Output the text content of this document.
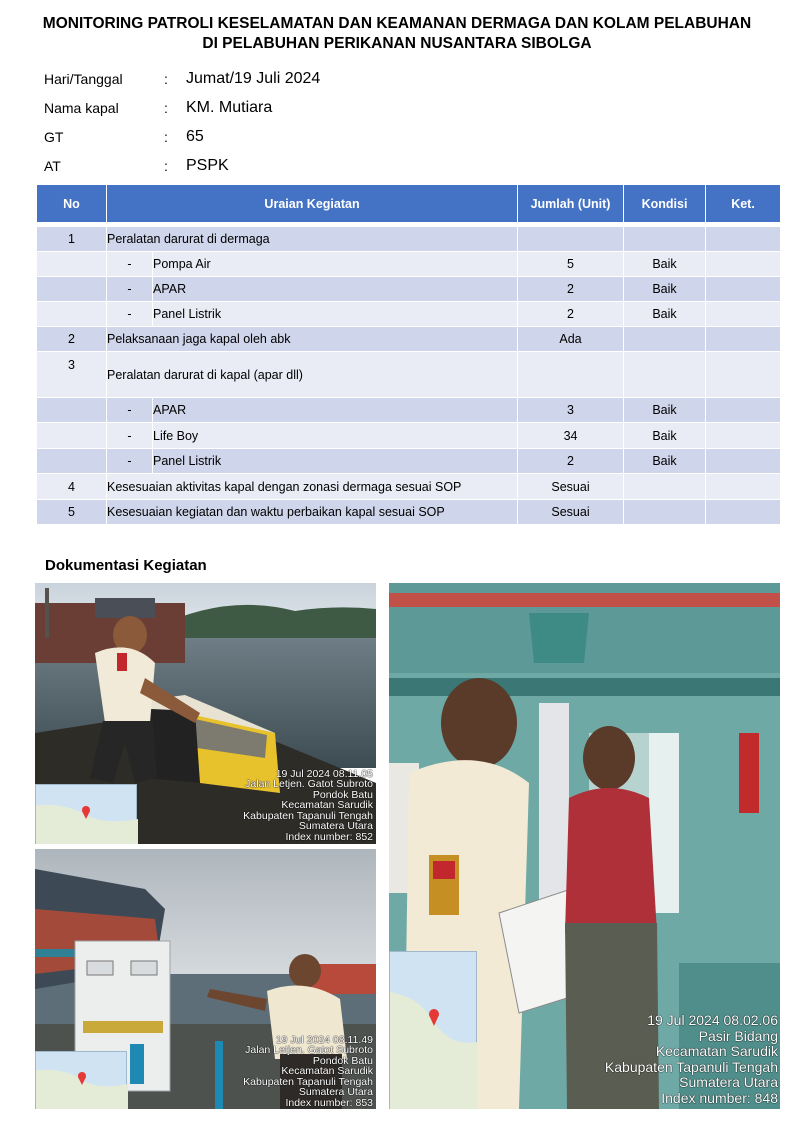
MONITORING PATROLI KESELAMATAN DAN KEAMANAN DERMAGA DAN KOLAM PELABUHAN
DI PELABUHAN PERIKANAN NUSANTARA SIBOLGA
Hari/Tanggal	:	Jumat/19 Juli 2024
Nama kapal	:	KM. Mutiara
GT	:	65
AT	:	PSPK
No	Uraian Kegiatan		Jumlah (Unit)	Kondisi	Ket.

1	Peralatan darurat di dermaga				
	-	Pompa Air	5	Baik	
	-	APAR	2	Baik	
	-	Panel Listrik	2	Baik	
2	Pelaksanaan jaga kapal oleh abk		Ada		
3	Peralatan darurat di kapal (apar dll)				
	-	APAR	3	Baik	
	-	Life Boy	34	Baik	
	-	Panel Listrik	2	Baik	
4	Kesesuaian aktivitas kapal dengan zonasi dermaga sesuai SOP		Sesuai		
5	Kesesuaian kegiatan dan waktu perbaikan kapal sesuai SOP		Sesuai		
Dokumentasi Kegiatan
19 Jul 2024 08.11.05
Jalan Letjen. Gatot Subroto
Pondok Batu
Kecamatan Sarudik
Kabupaten Tapanuli Tengah
Sumatera Utara
Index number: 852
19 Jul 2024 08.11.49
Jalan Letjen. Gatot Subroto
Pondok Batu
Kecamatan Sarudik
Kabupaten Tapanuli Tengah
Sumatera Utara
Index number: 853
19 Jul 2024 08.02.06
Pasir Bidang
Kecamatan Sarudik
Kabupaten Tapanuli Tengah
Sumatera Utara
Index number: 848
